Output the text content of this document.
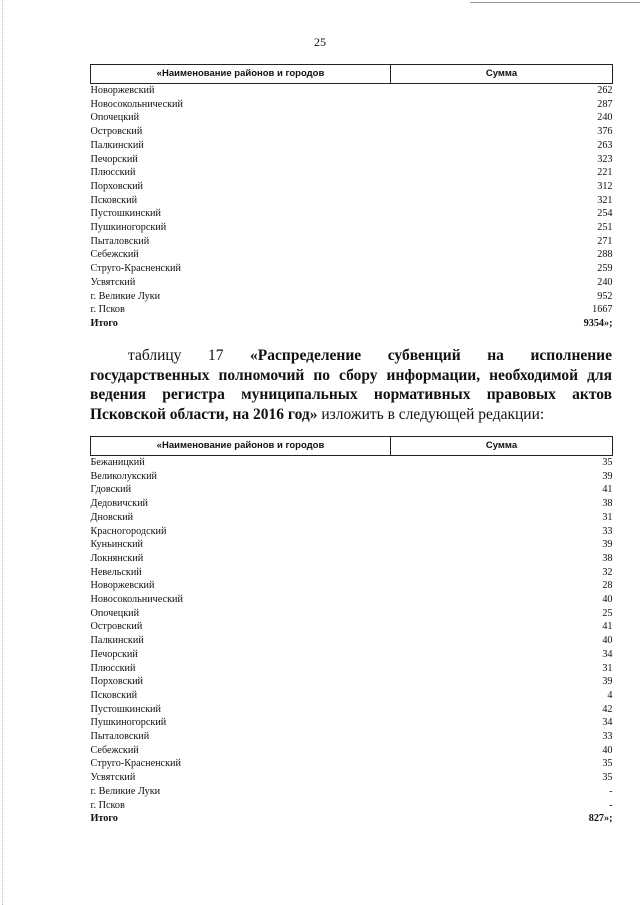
25
«Наименование районов и городов	Сумма
Новоржевский	262
Новосокольнический	287
Опочецкий	240
Островский	376
Палкинский	263
Печорский	323
Плюсский	221
Порховский	312
Псковский	321
Пустошкинский	254
Пушкиногорский	251
Пыталовский	271
Себежский	288
Струго-Красненский	259
Усвятский	240
г. Великие Луки	952
г. Псков	1667
Итого	9354»;
таблицу 17 «Распределение субвенций на исполнение государственных полномочий по сбору информации, необходимой для ведения регистра муниципальных нормативных правовых актов Псковской области, на 2016 год» изложить в следующей редакции:
«Наименование районов и городов	Сумма
Бежаницкий	35
Великолукский	39
Гдовский	41
Дедовичский	38
Дновский	31
Красногородский	33
Куньинский	39
Локнянский	38
Невельский	32
Новоржевский	28
Новосокольнический	40
Опочецкий	25
Островский	41
Палкинский	40
Печорский	34
Плюсский	31
Порховский	39
Псковский	4
Пустошкинский	42
Пушкиногорский	34
Пыталовский	33
Себежский	40
Струго-Красненский	35
Усвятский	35
г. Великие Луки	-
г. Псков	-
Итого	827»;
